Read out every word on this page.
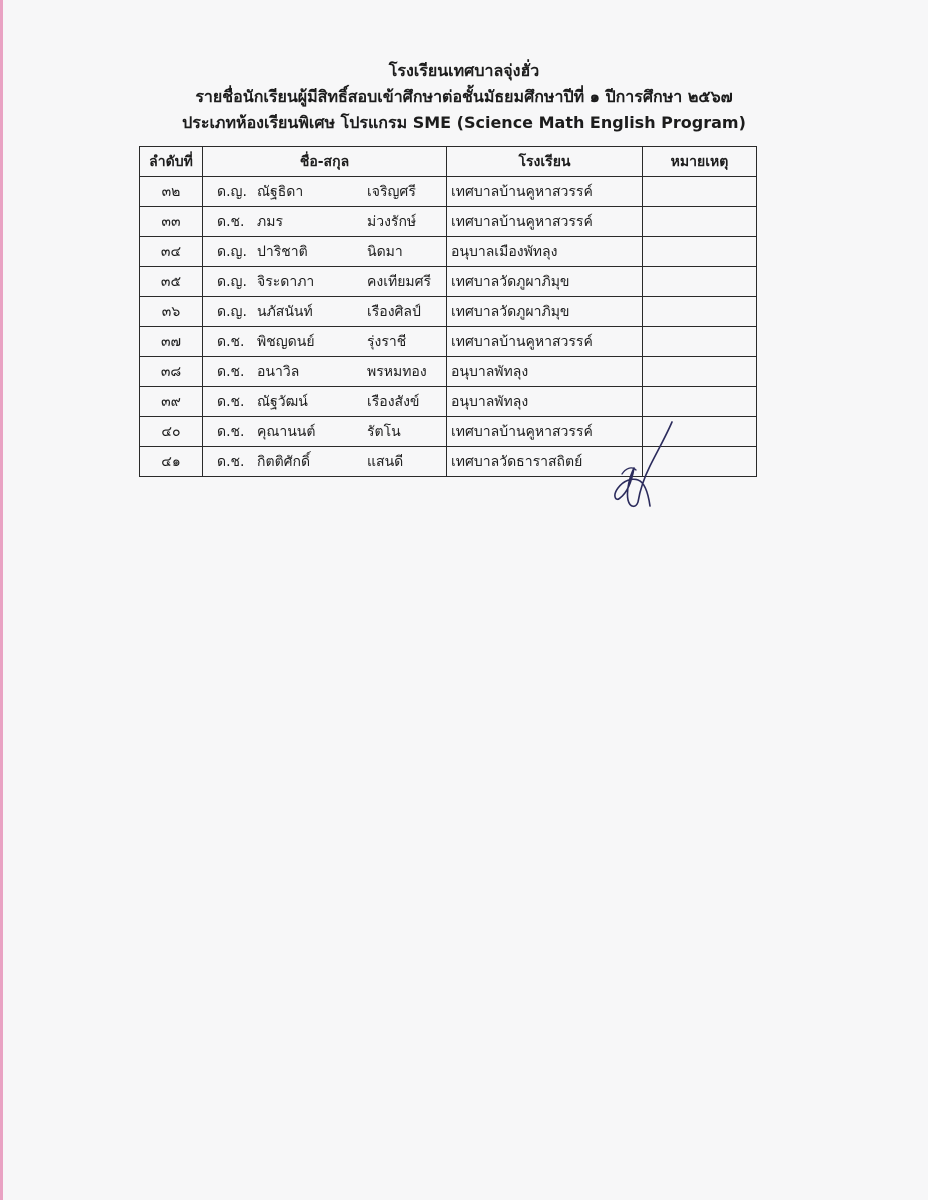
โรงเรียนเทศบาลจุ่งฮั่ว
รายชื่อนักเรียนผู้มีสิทธิ์สอบเข้าศึกษาต่อชั้นมัธยมศึกษาปีที่ ๑ ปีการศึกษา ๒๕๖๗
ประเภทห้องเรียนพิเศษ โปรแกรม SME (Science Math English Program)
ลำดับที่	ชื่อ-สกุล	โรงเรียน	หมายเหตุ
๓๒	ด.ญ. ณัฐธิดา เจริญศรี	เทศบาลบ้านคูหาสวรรค์	
๓๓	ด.ช. ภมร ม่วงรักษ์	เทศบาลบ้านคูหาสวรรค์	
๓๔	ด.ญ. ปาริชาติ นิดมา	อนุบาลเมืองพัทลุง	
๓๕	ด.ญ. จิระดาภา คงเทียมศรี	เทศบาลวัดภูผาภิมุข	
๓๖	ด.ญ. นภัสนันท์ เรืองศิลป์	เทศบาลวัดภูผาภิมุข	
๓๗	ด.ช. พิชญดนย์ รุ่งราชี	เทศบาลบ้านคูหาสวรรค์	
๓๘	ด.ช. อนาวิล พรหมทอง	อนุบาลพัทลุง	
๓๙	ด.ช. ณัฐวัฒน์ เรืองสังข์	อนุบาลพัทลุง	
๔๐	ด.ช. คุณานนต์ รัตโน	เทศบาลบ้านคูหาสวรรค์	
๔๑	ด.ช. กิตติศักดิ์ แสนดี	เทศบาลวัดธาราสถิตย์	
